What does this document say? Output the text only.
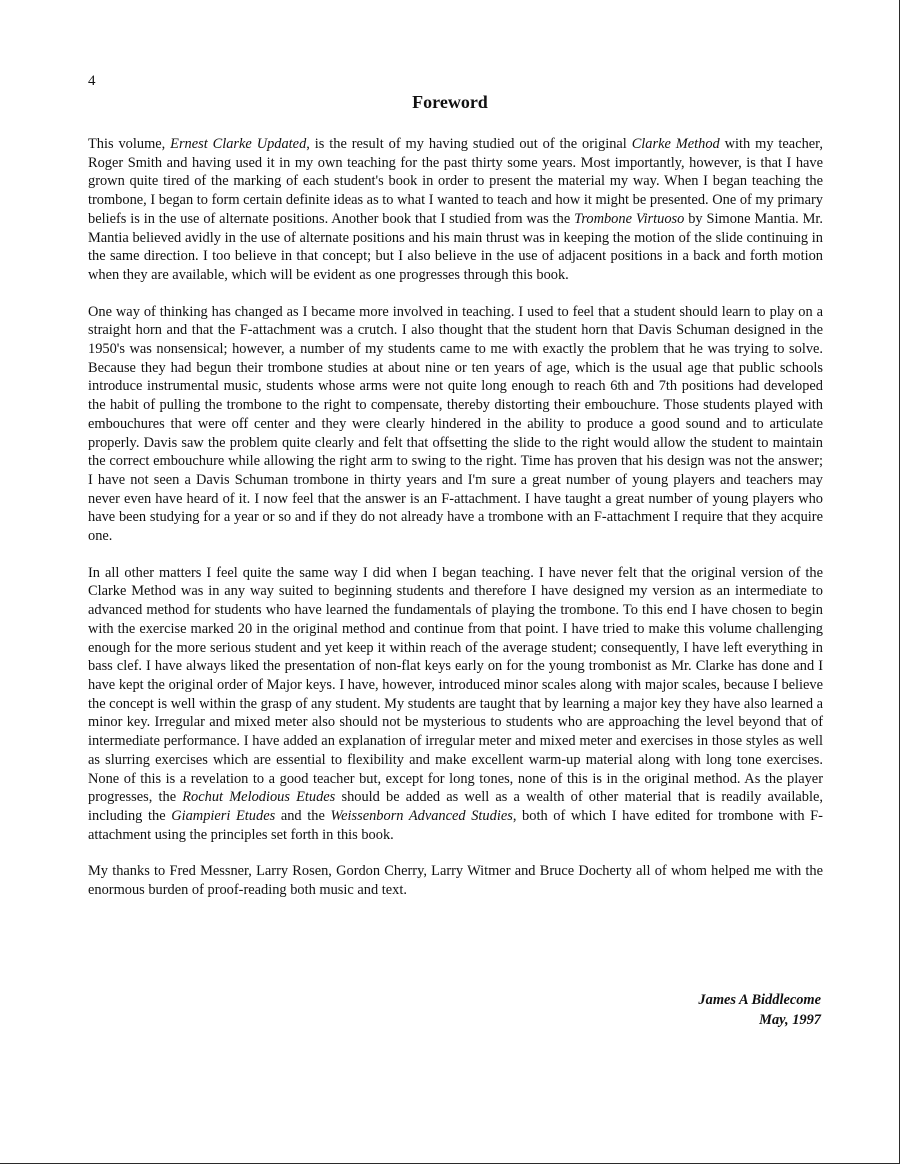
4
Foreword

This volume, Ernest Clarke Updated, is the result of my having studied out of the original Clarke Method with my teacher, Roger Smith and having used it in my own teaching for the past thirty some years. Most importantly, however, is that I have grown quite tired of the marking of each student's book in order to present the material my way. When I began teaching the trombone, I began to form certain definite ideas as to what I wanted to teach and how it might be presented. One of my primary beliefs is in the use of alternate positions. Another book that I studied from was the Trombone Virtuoso by Simone Mantia. Mr. Mantia believed avidly in the use of alternate positions and his main thrust was in keeping the motion of the slide continuing in the same direction. I too believe in that concept; but I also believe in the use of adjacent positions in a back and forth motion when they are available, which will be evident as one progresses through this book.

One way of thinking has changed as I became more involved in teaching. I used to feel that a student should learn to play on a straight horn and that the F-attachment was a crutch. I also thought that the student horn that Davis Schuman designed in the 1950's was nonsensical; however, a number of my students came to me with exactly the problem that he was trying to solve. Because they had begun their trombone studies at about nine or ten years of age, which is the usual age that public schools introduce instrumental music, students whose arms were not quite long enough to reach 6th and 7th positions had developed the habit of pulling the trombone to the right to compensate, thereby distorting their embouchure. Those students played with embouchures that were off center and they were clearly hindered in the ability to produce a good sound and to articulate properly. Davis saw the problem quite clearly and felt that offsetting the slide to the right would allow the student to maintain the correct embouchure while allowing the right arm to swing to the right. Time has proven that his design was not the answer; I have not seen a Davis Schuman trombone in thirty years and I'm sure a great number of young players and teachers may never even have heard of it. I now feel that the answer is an F-attachment. I have taught a great number of young players who have been studying for a year or so and if they do not already have a trombone with an F-attachment I require that they acquire one.

In all other matters I feel quite the same way I did when I began teaching. I have never felt that the original version of the Clarke Method was in any way suited to beginning students and therefore I have designed my version as an intermediate to advanced method for students who have learned the fundamentals of playing the trombone. To this end I have chosen to begin with the exercise marked 20 in the original method and continue from that point. I have tried to make this volume challenging enough for the more serious student and yet keep it within reach of the average student; consequently, I have left everything in bass clef. I have always liked the presentation of non-flat keys early on for the young trombonist as Mr. Clarke has done and I have kept the original order of Major keys. I have, however, introduced minor scales along with major scales, because I believe the concept is well within the grasp of any student. My students are taught that by learning a major key they have also learned a minor key. Irregular and mixed meter also should not be mysterious to students who are approaching the level beyond that of intermediate performance. I have added an explanation of irregular meter and mixed meter and exercises in those styles as well as slurring exercises which are essential to flexibility and make excellent warm-up material along with long tone exercises. None of this is a revelation to a good teacher but, except for long tones, none of this is in the original method. As the player progresses, the Rochut Melodious Etudes should be added as well as a wealth of other material that is readily available, including the Giampieri Etudes and the Weissenborn Advanced Studies, both of which I have edited for trombone with F-attachment using the principles set forth in this book.

My thanks to Fred Messner, Larry Rosen, Gordon Cherry, Larry Witmer and Bruce Docherty all of whom helped me with the enormous burden of proof-reading both music and text.

James A Biddlecome
May, 1997
